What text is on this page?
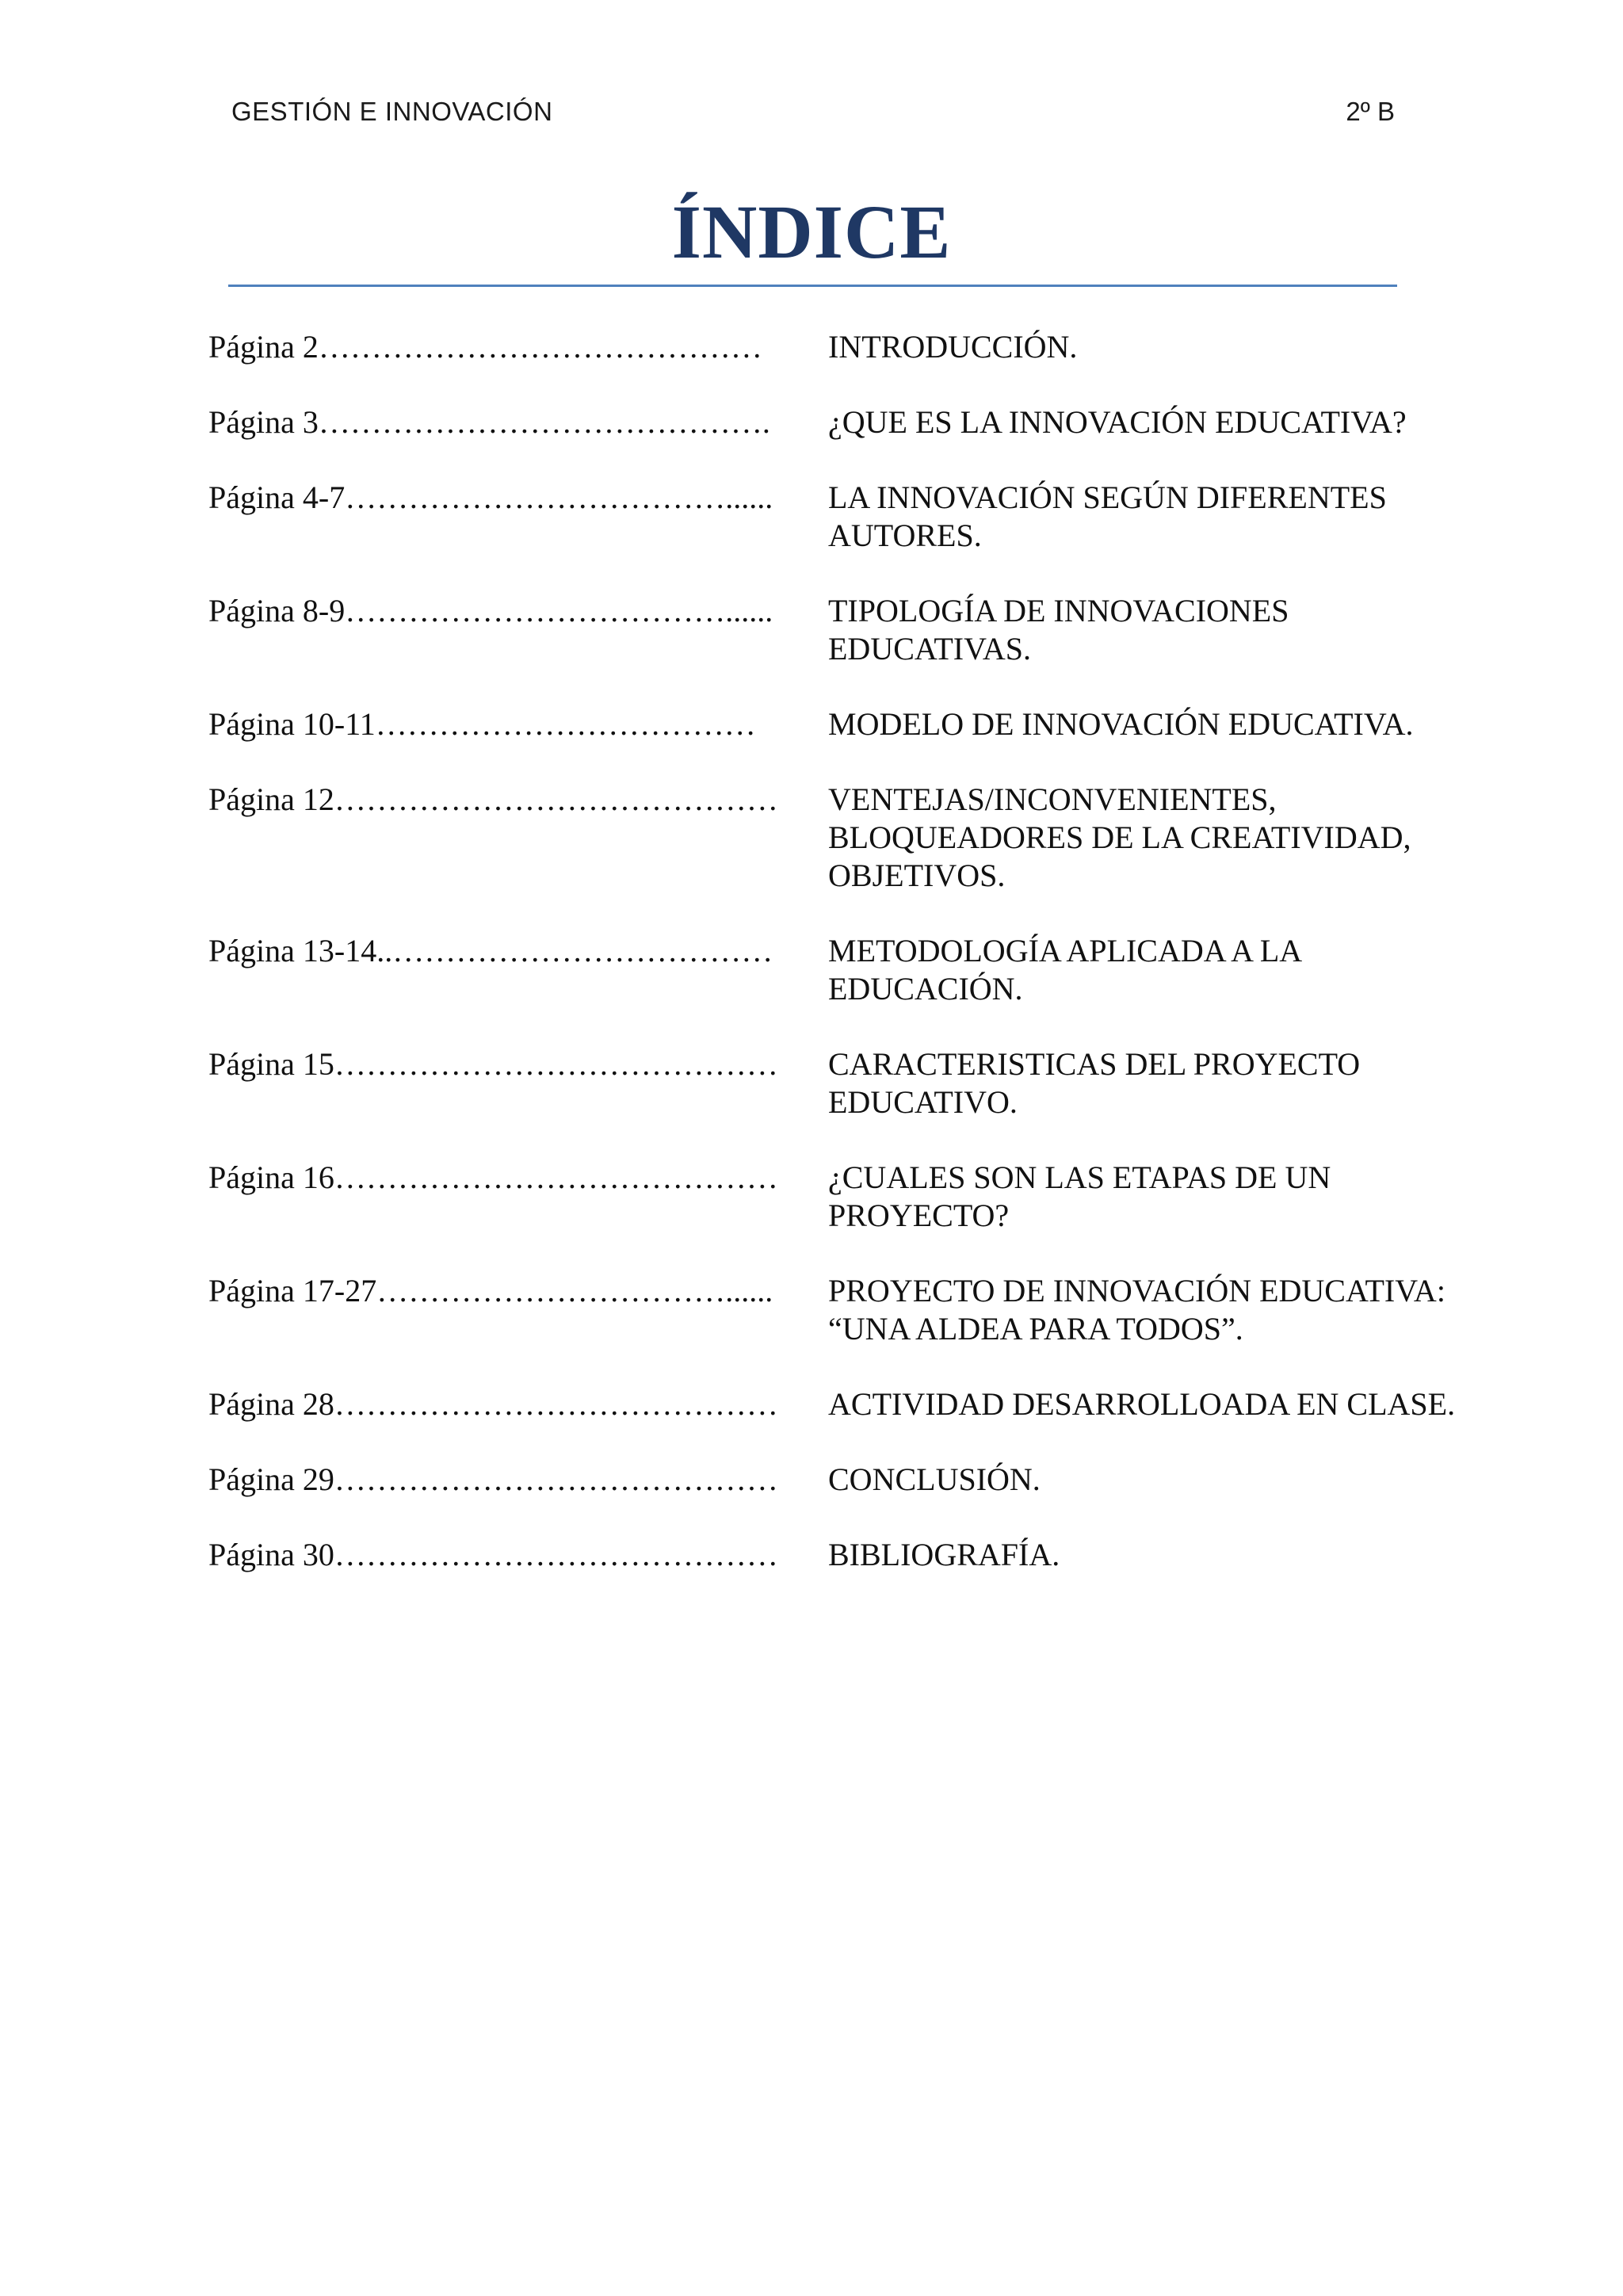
GESTIÓN E INNOVACIÓN	2º B
ÍNDICE
Página 2……………………………………	INTRODUCCIÓN.
Página 3…………………………………….	¿QUE ES LA INNOVACIÓN EDUCATIVA?
Página 4-7………………………………......	LA INNOVACIÓN SEGÚN DIFERENTES AUTORES.
Página 8-9………………………………......	TIPOLOGÍA DE INNOVACIONES EDUCATIVAS.
Página 10-11………………………………	MODELO DE INNOVACIÓN EDUCATIVA.
Página 12……………………………………	VENTEJAS/INCONVENIENTES, BLOQUEADORES DE LA CREATIVIDAD, OBJETIVOS.
Página 13-14..………………………………	METODOLOGÍA APLICADA A LA EDUCACIÓN.
Página 15……………………………………	CARACTERISTICAS DEL PROYECTO EDUCATIVO.
Página 16……………………………………	¿CUALES SON LAS ETAPAS DE UN PROYECTO?
Página 17-27……………………………......	PROYECTO DE INNOVACIÓN EDUCATIVA: “UNA ALDEA PARA TODOS”.
Página 28……………………………………	ACTIVIDAD DESARROLLOADA EN CLASE.
Página 29……………………………………	CONCLUSIÓN.
Página 30……………………………………	BIBLIOGRAFÍA.
